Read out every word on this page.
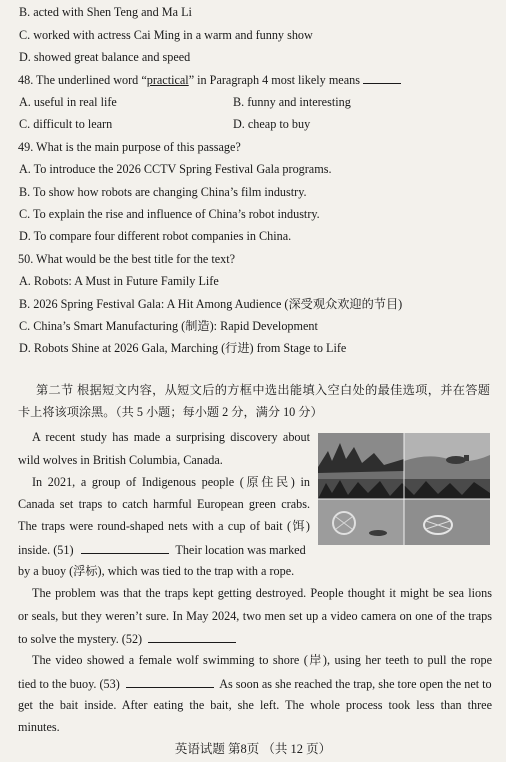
B. acted with Shen Teng and Ma Li
C. worked with actress Cai Ming in a warm and funny show
D. showed great balance and speed
48. The underlined word “practical” in Paragraph 4 most likely means
A. useful in real life	B. funny and interesting
C. difficult to learn	D. cheap to buy
49. What is the main purpose of this passage?
A. To introduce the 2026 CCTV Spring Festival Gala programs.
B. To show how robots are changing China’s film industry.
C. To explain the rise and influence of China’s robot industry.
D. To compare four different robot companies in China.
50. What would be the best title for the text?
A. Robots: A Must in Future Family Life
B. 2026 Spring Festival Gala: A Hit Among Audience (深受观众欢迎的节目)
C. China’s Smart Manufacturing (制造): Rapid Development
D. Robots Shine at 2026 Gala, Marching (行进) from Stage to Life
第二节 根据短文内容，从短文后的方框中选出能填入空白处的最佳选项，并在答题
卡上将该项涂黑。（共 5 小题；每小题 2 分，满分 10 分）
A recent study has made a surprising discovery about
wild wolves in British Columbia, Canada.
In 2021, a group of Indigenous people (原住民) in
Canada set traps to catch harmful European green crabs.
The traps were round-shaped nets with a cup of bait (饵)
inside. (51)	Their location was marked
by a buoy (浮标), which was tied to the trap with a rope.
The problem was that the traps kept getting destroyed. People thought it might be sea lions
or seals, but they weren’t sure. In May 2024, two men set up a video camera on one of the traps
to solve the mystery. (52)
The video showed a female wolf swimming to shore (岸), using her teeth to pull the rope
tied to the buoy. (53)	As soon as she reached the trap, she tore open the net to
get the bait inside. After eating the bait, she left. The whole process took less than three
minutes.
英语试题 第8页 （共 12 页）
